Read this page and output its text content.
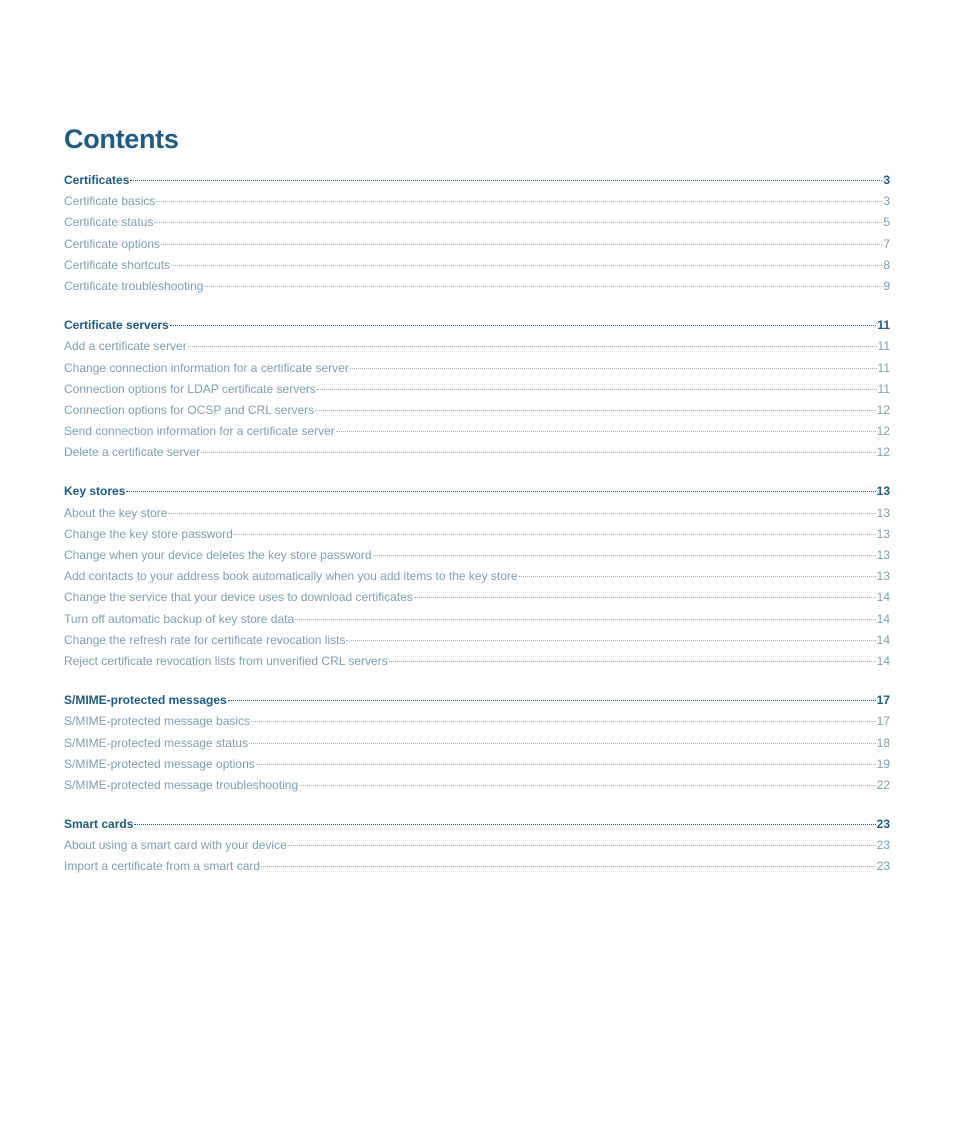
Contents
Certificates	3
Certificate basics	3
Certificate status	5
Certificate options	7
Certificate shortcuts	8
Certificate troubleshooting	9
Certificate servers	11
Add a certificate server	11
Change connection information for a certificate server	11
Connection options for LDAP certificate servers	11
Connection options for OCSP and CRL servers	12
Send connection information for a certificate server	12
Delete a certificate server	12
Key stores	13
About the key store	13
Change the key store password	13
Change when your device deletes the key store password	13
Add contacts to your address book automatically when you add items to the key store	13
Change the service that your device uses to download certificates	14
Turn off automatic backup of key store data	14
Change the refresh rate for certificate revocation lists	14
Reject certificate revocation lists from unverified CRL servers	14
S/MIME-protected messages	17
S/MIME-protected message basics	17
S/MIME-protected message status	18
S/MIME-protected message options	19
S/MIME-protected message troubleshooting	22
Smart cards	23
About using a smart card with your device	23
Import a certificate from a smart card	23
